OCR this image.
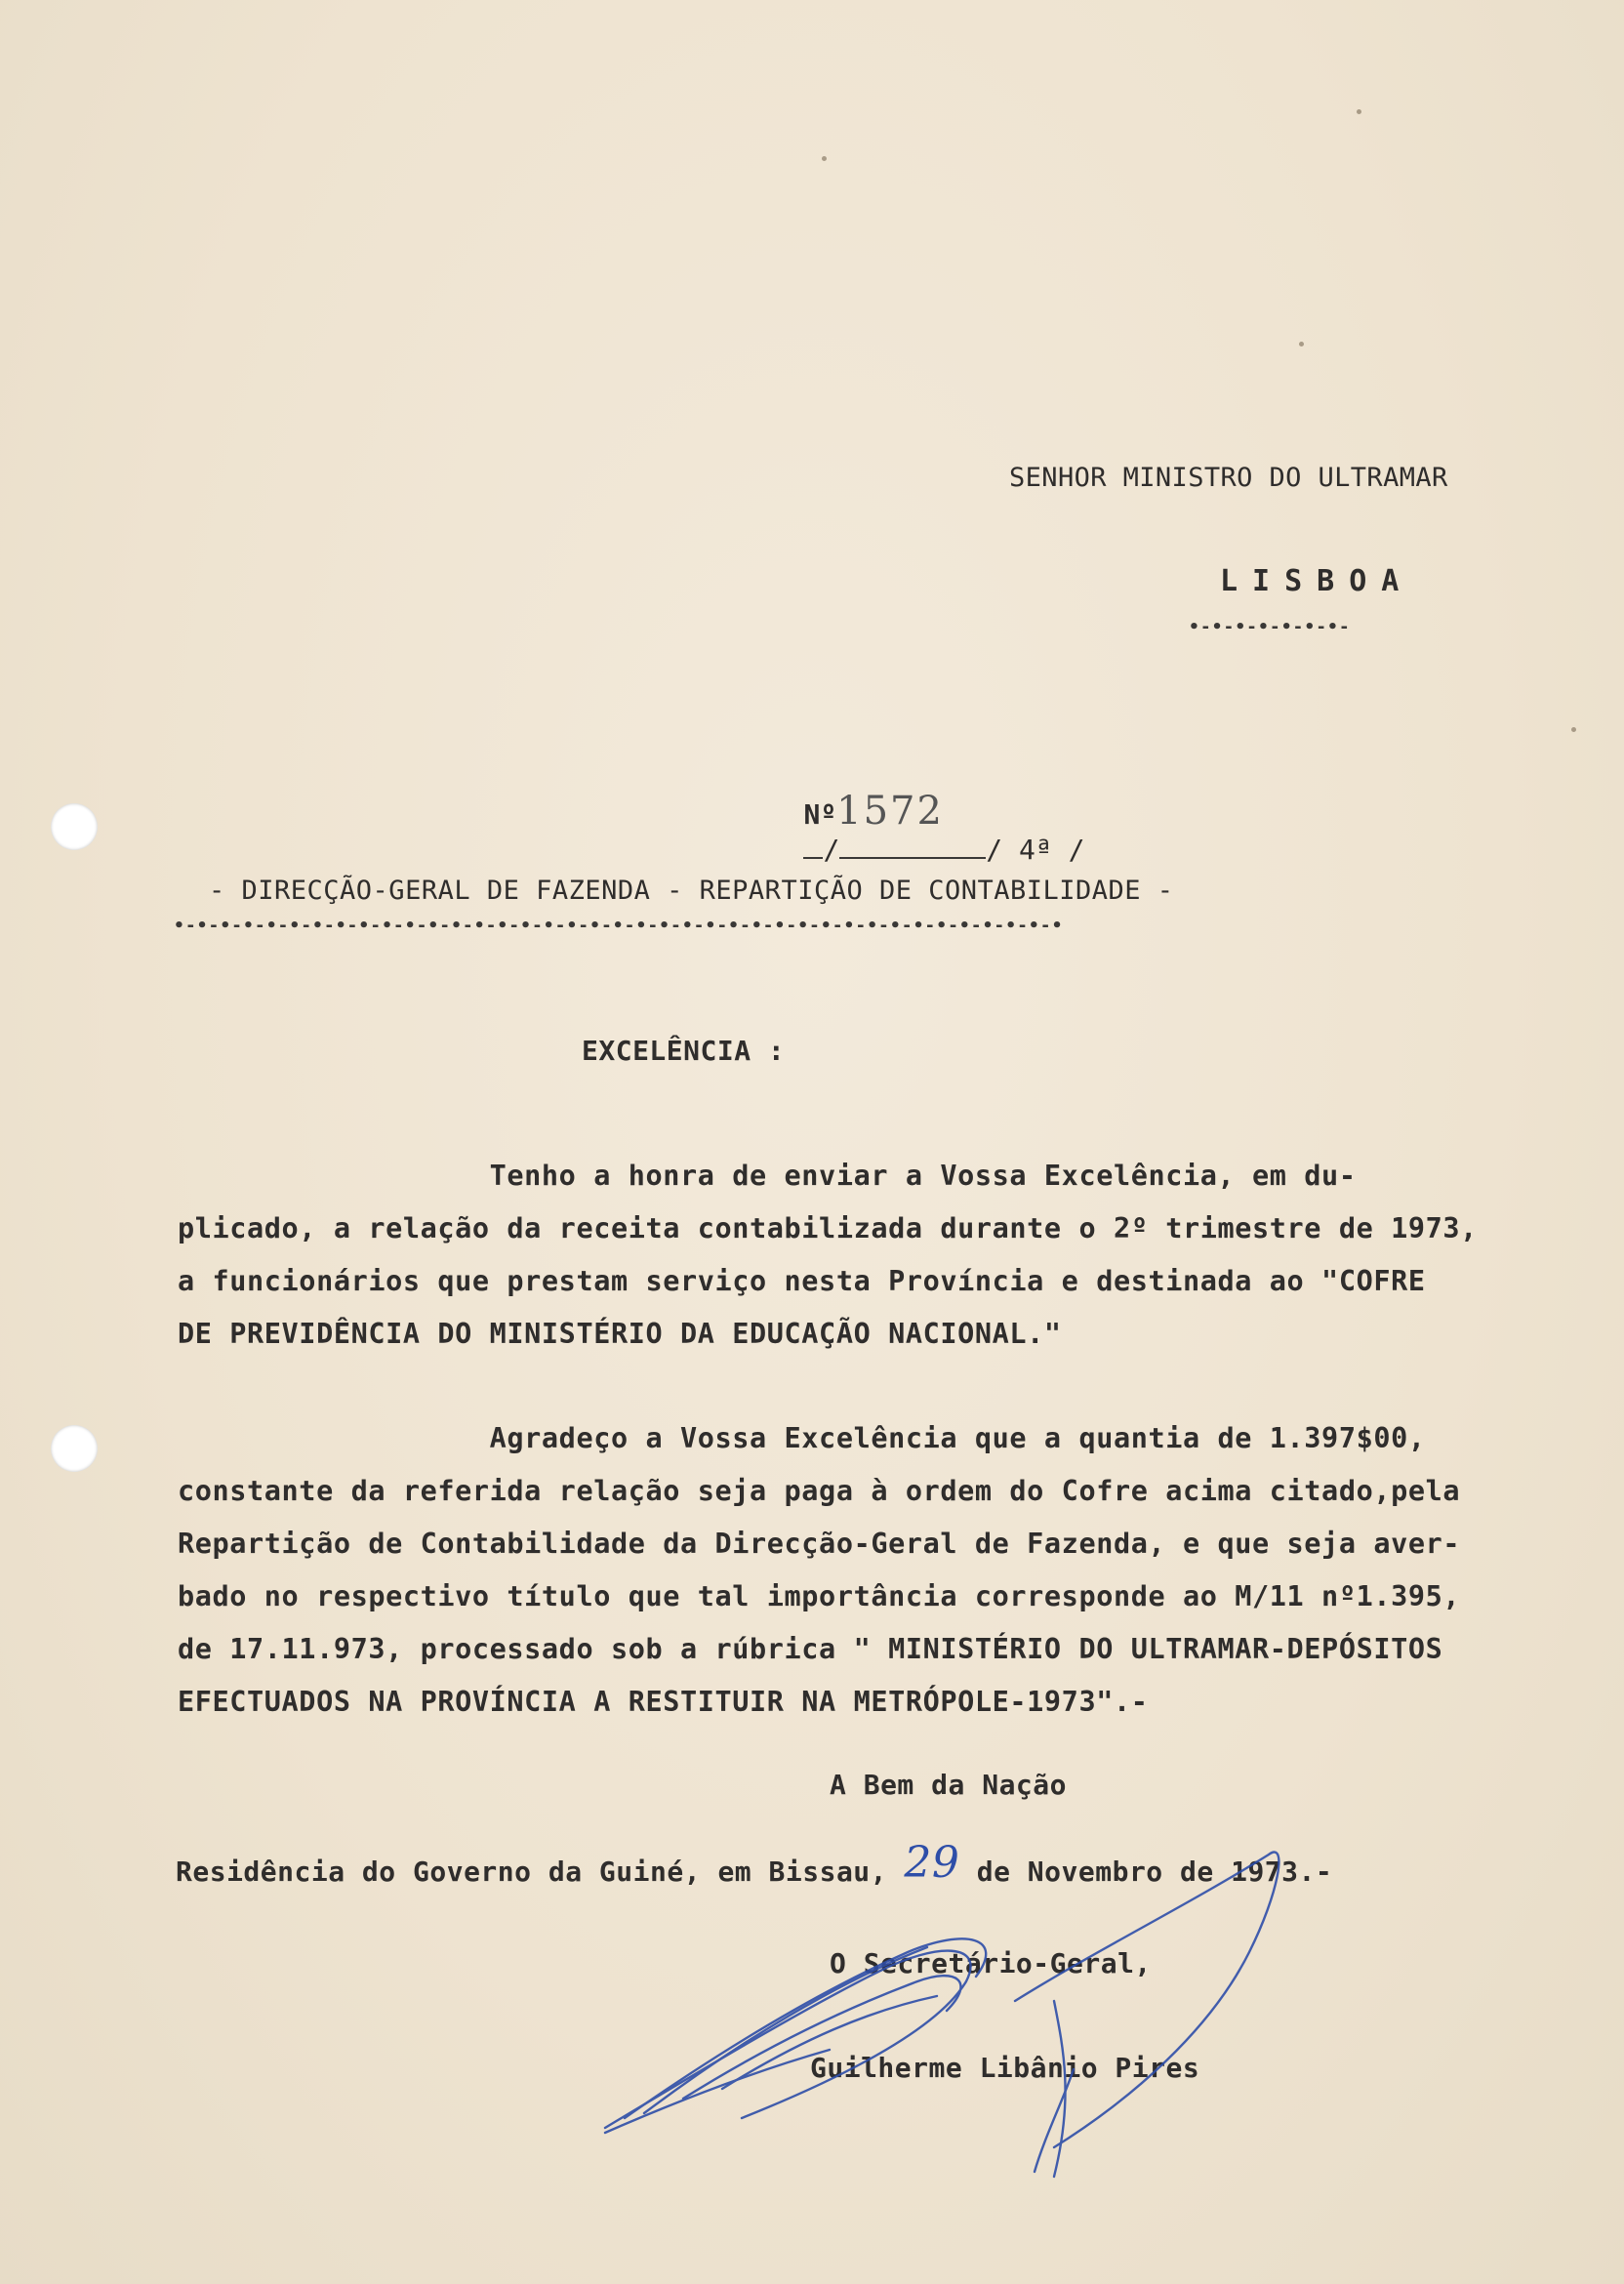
SENHOR MINISTRO DO ULTRAMAR
LISBOA
•-•-•-•-•-•-•-

Nº1572
/	/ 4ª /

- DIRECÇÃO-GERAL DE FAZENDA - REPARTIÇÃO DE CONTABILIDADE -
•-•-•-•-•-•-•-•-•-•-•-•-•-•-•-•-•-•-•-•-•-•-•-•-•-•-•-•-•-•-•-•-•-•-•-•-•-•-•
EXCELÊNCIA :
Tenho a honra de enviar a Vossa Excelência, em du-
plicado, a relação da receita contabilizada durante o 2º trimestre de 1973,
a funcionários que prestam serviço nesta Província e destinada ao "COFRE
DE PREVIDÊNCIA DO MINISTÉRIO DA EDUCAÇÃO NACIONAL."
Agradeço a Vossa Excelência que a quantia de 1.397$00,
constante da referida relação seja paga à ordem do Cofre acima citado,pela
Repartição de Contabilidade da Direcção-Geral de Fazenda, e que seja aver-
bado no respectivo título que tal importância corresponde ao M/11 nº1.395,
de 17.11.973, processado sob a rúbrica " MINISTÉRIO DO ULTRAMAR-DEPÓSITOS
EFECTUADOS NA PROVÍNCIA A RESTITUIR NA METRÓPOLE-1973".-
A Bem da Nação
Residência do Governo da Guiné, em Bissau, 29 de Novembro de 1973.-
O Secretário-Geral,
Guilherme Libânio Pires
